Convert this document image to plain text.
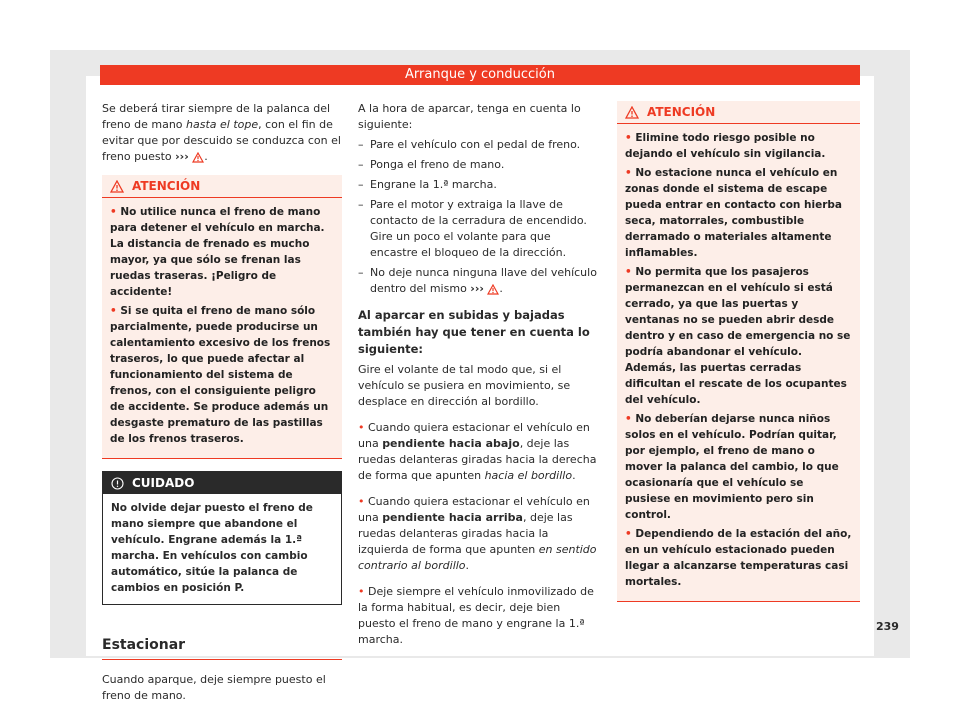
Arranque y conducción

Se deberá tirar siempre de la palanca del freno de mano hasta el tope, con el fin de evitar que por descuido se conduzca con el freno puesto ››› .

ATENCIÓN

• No utilice nunca el freno de mano para detener el vehículo en marcha. La distancia de frenado es mucho mayor, ya que sólo se frenan las ruedas traseras. ¡Peligro de accidente!

• Si se quita el freno de mano sólo parcialmente, puede producirse un calentamiento excesivo de los frenos traseros, lo que puede afectar al funcionamiento del sistema de frenos, con el consiguiente peligro de accidente. Se produce además un desgaste prematuro de las pastillas de los frenos traseros.

CUIDADO
No olvide dejar puesto el freno de mano siempre que abandone el vehículo. Engrane además la 1.ª marcha. En vehículos con cambio automático, sitúe la palanca de cambios en posición P.
Estacionar

Cuando aparque, deje siempre puesto el freno de mano.

A la hora de aparcar, tenga en cuenta lo siguiente:

– Pare el vehículo con el pedal de freno.
– Ponga el freno de mano.
– Engrane la 1.ª marcha.
– Pare el motor y extraiga la llave de contacto de la cerradura de encendido. Gire un poco el volante para que encastre el bloqueo de la dirección.
– No deje nunca ninguna llave del vehículo dentro del mismo ››› .

Al aparcar en subidas y bajadas también hay que tener en cuenta lo siguiente:

Gire el volante de tal modo que, si el vehículo se pusiera en movimiento, se desplace en dirección al bordillo.

• Cuando quiera estacionar el vehículo en una pendiente hacia abajo, deje las ruedas delanteras giradas hacia la derecha de forma que apunten hacia el bordillo.

• Cuando quiera estacionar el vehículo en una pendiente hacia arriba, deje las ruedas delanteras giradas hacia la izquierda de forma que apunten en sentido contrario al bordillo.

• Deje siempre el vehículo inmovilizado de la forma habitual, es decir, deje bien puesto el freno de mano y engrane la 1.ª marcha.

ATENCIÓN

• Elimine todo riesgo posible no dejando el vehículo sin vigilancia.

• No estacione nunca el vehículo en zonas donde el sistema de escape pueda entrar en contacto con hierba seca, matorrales, combustible derramado o materiales altamente inflamables.

• No permita que los pasajeros permanezcan en el vehículo si está cerrado, ya que las puertas y ventanas no se pueden abrir desde dentro y en caso de emergencia no se podría abandonar el vehículo. Además, las puertas cerradas dificultan el rescate de los ocupantes del vehículo.

• No deberían dejarse nunca niños solos en el vehículo. Podrían quitar, por ejemplo, el freno de mano o mover la palanca del cambio, lo que ocasionaría que el vehículo se pusiese en movimiento pero sin control.

• Dependiendo de la estación del año, en un vehículo estacionado pueden llegar a alcanzarse temperaturas casi mortales.

239
